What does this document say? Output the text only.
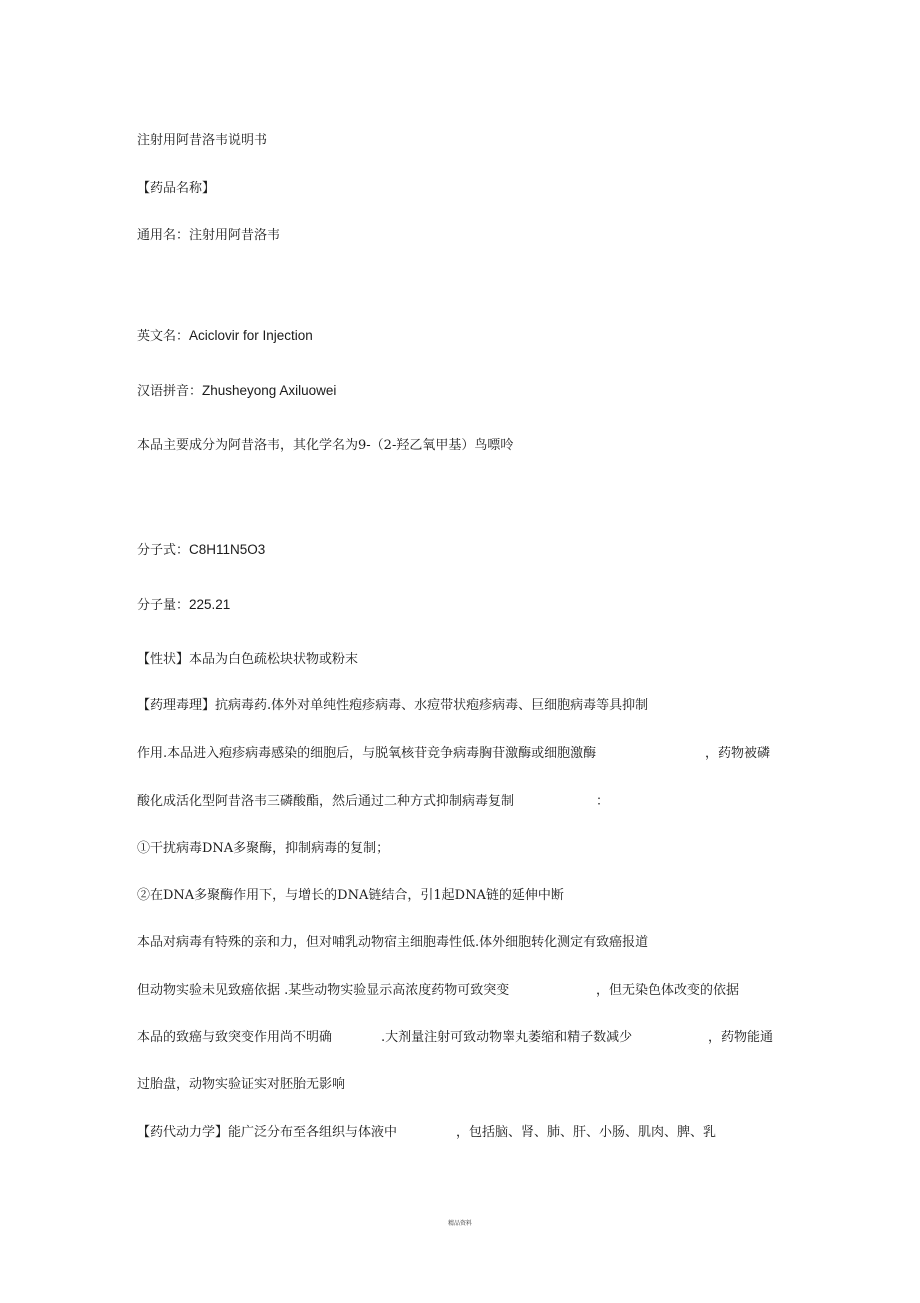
注射用阿昔洛韦说明书
【药品名称】
通用名：注射用阿昔洛韦
英文名：Aciclovir for Injection
汉语拼音：Zhusheyong Axiluowei
本品主要成分为阿昔洛韦，其化学名为9-（2-羟乙氧甲基）鸟嘌呤
分子式：C8H11N5O3
分子量：225.21
【性状】本品为白色疏松块状物或粉末
【药理毒理】抗病毒药.体外对单纯性疱疹病毒、水痘带状疱疹病毒、巨细胞病毒等具抑制
作用.本品进入疱疹病毒感染的细胞后，与脱氧核苷竞争病毒胸苷激酶或细胞激酶	，药物被磷
酸化成活化型阿昔洛韦三磷酸酯，然后通过二种方式抑制病毒复制	：
①干扰病毒DNA多聚酶，抑制病毒的复制；
②在DNA多聚酶作用下，与增长的DNA链结合，引1起DNA链的延伸中断
本品对病毒有特殊的亲和力，但对哺乳动物宿主细胞毒性低.体外细胞转化测定有致癌报道
但动物实验未见致癌依据 .某些动物实验显示高浓度药物可致突变	，但无染色体改变的依据
本品的致癌与致突变作用尚不明确	.大剂量注射可致动物睾丸萎缩和精子数减少	，药物能通
过胎盘，动物实验证实对胚胎无影响
【药代动力学】能广泛分布至各组织与体液中	，包括脑、肾、肺、肝、小肠、肌肉、脾、乳
精品资料
